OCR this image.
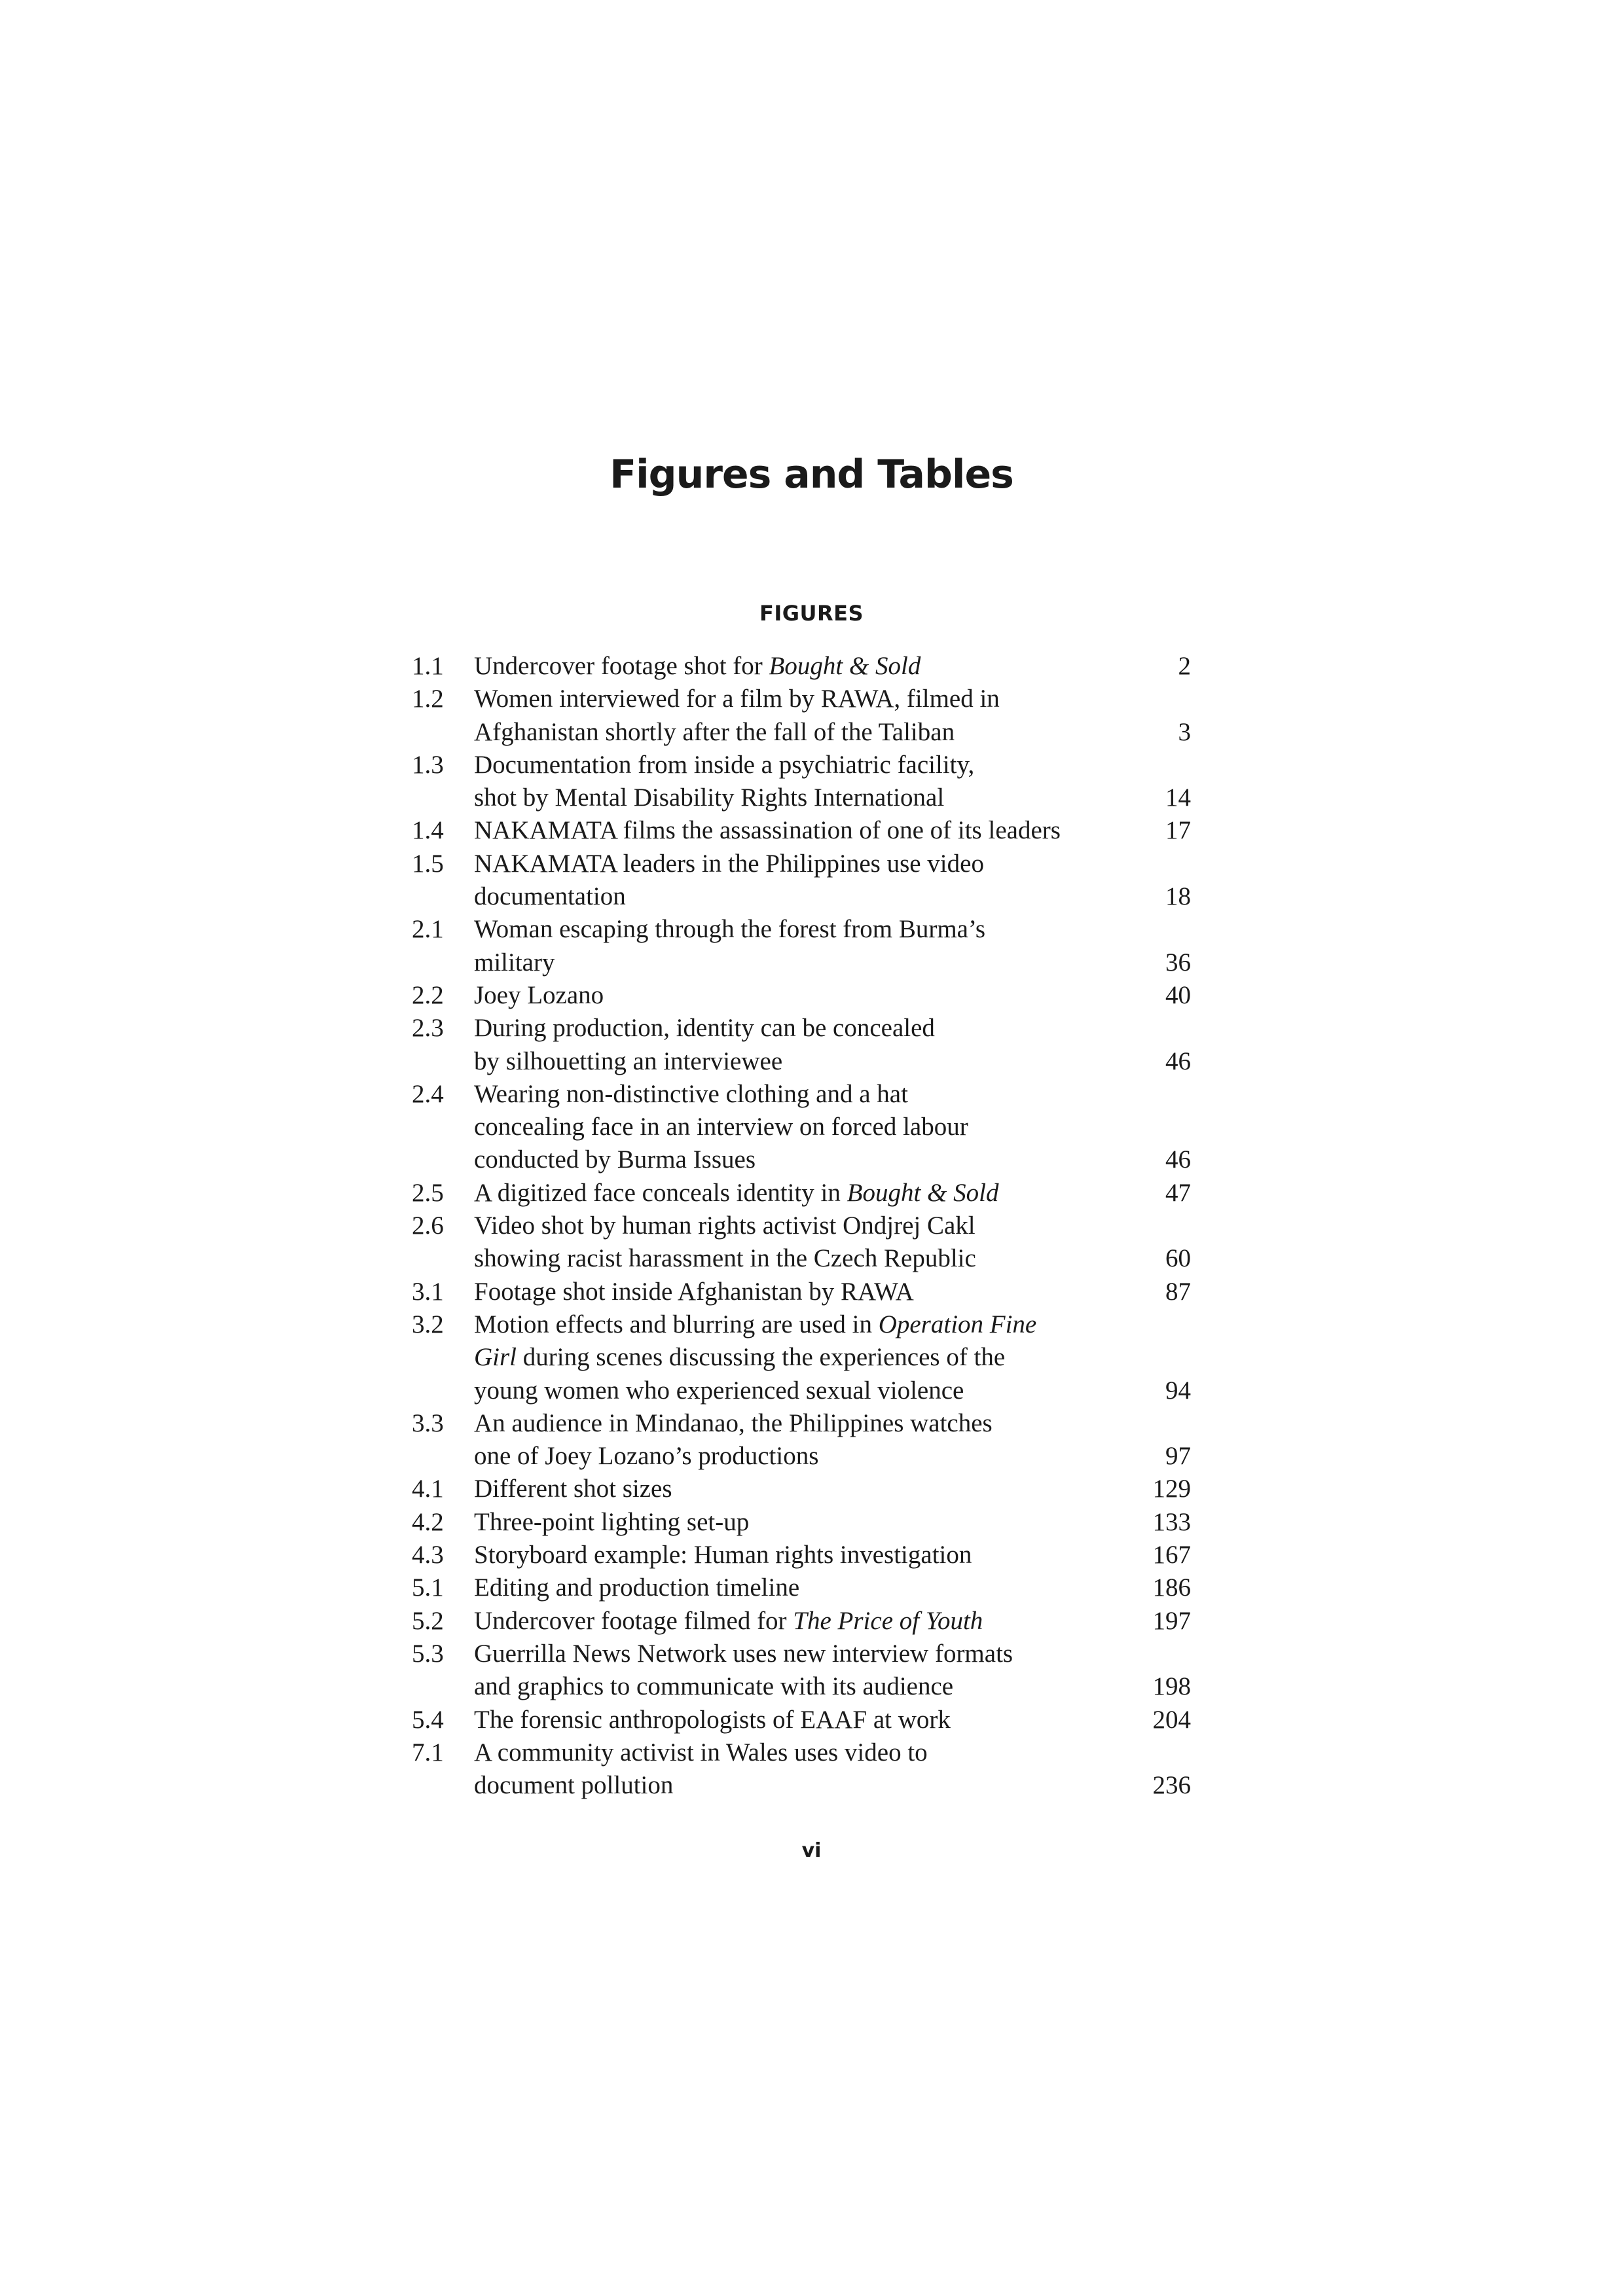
Figures and Tables
FIGURES
1.1	Undercover footage shot for Bought & Sold	2
1.2	Women interviewed for a film by RAWA, filmed in
Afghanistan shortly after the fall of the Taliban	3
1.3	Documentation from inside a psychiatric facility,
shot by Mental Disability Rights International	14
1.4	NAKAMATA films the assassination of one of its leaders	17
1.5	NAKAMATA leaders in the Philippines use video
documentation	18
2.1	Woman escaping through the forest from Burma’s
military	36
2.2	Joey Lozano	40
2.3	During production, identity can be concealed
by silhouetting an interviewee	46
2.4	Wearing non-distinctive clothing and a hat
concealing face in an interview on forced labour
conducted by Burma Issues	46
2.5	A digitized face conceals identity in Bought & Sold	47
2.6	Video shot by human rights activist Ondjrej Cakl
showing racist harassment in the Czech Republic	60
3.1	Footage shot inside Afghanistan by RAWA	87
3.2	Motion effects and blurring are used in Operation Fine
Girl during scenes discussing the experiences of the
young women who experienced sexual violence	94
3.3	An audience in Mindanao, the Philippines watches
one of Joey Lozano’s productions	97
4.1	Different shot sizes	129
4.2	Three-point lighting set-up	133
4.3	Storyboard example: Human rights investigation	167
5.1	Editing and production timeline	186
5.2	Undercover footage filmed for The Price of Youth	197
5.3	Guerrilla News Network uses new interview formats
and graphics to communicate with its audience	198
5.4	The forensic anthropologists of EAAF at work	204
7.1	A community activist in Wales uses video to
document pollution	236
vi
